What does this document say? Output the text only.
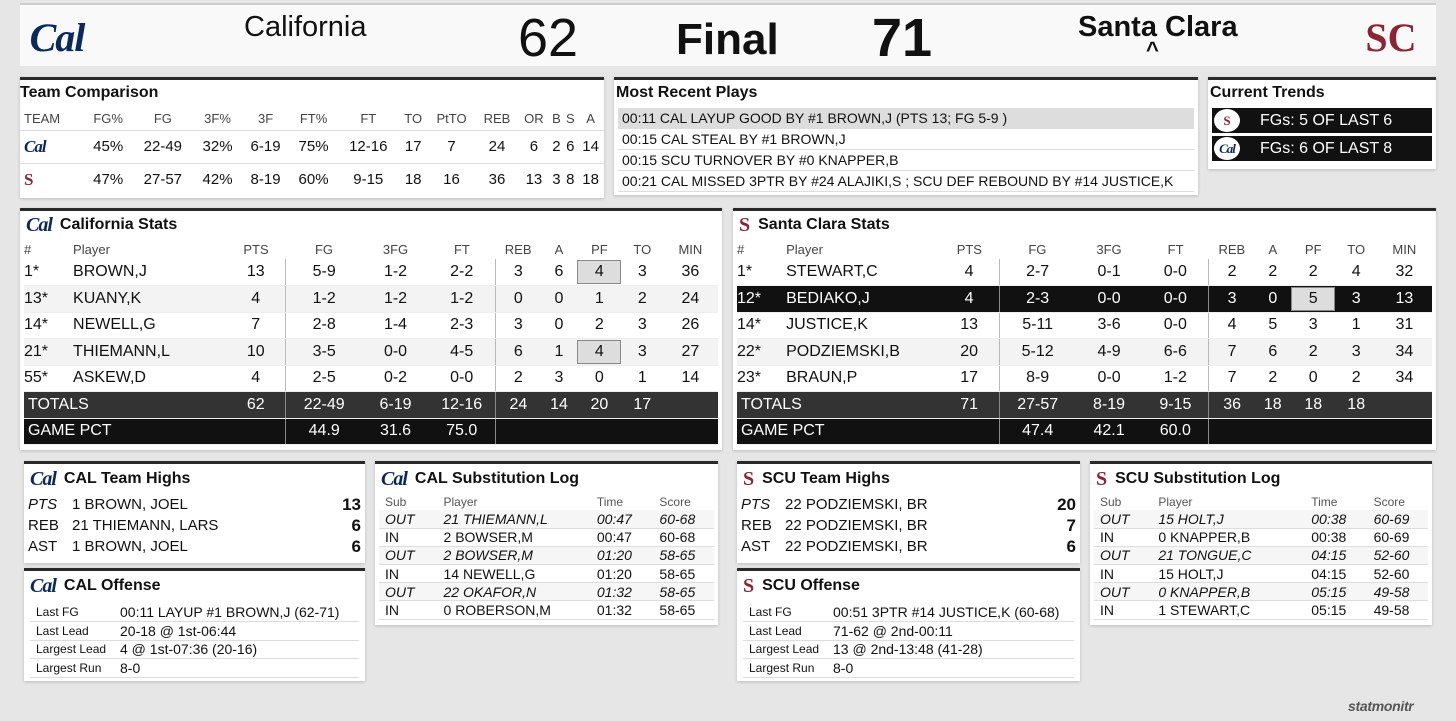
Cal	California	62 Final 71	Santa Clara
^	SC
Team Comparison
TEAM	FG%	FG	3F%	3F	FT%	FT	TO	PtTO	REB	OR	B	S	A
Cal	45%	22-49	32%	6-19	75%	12-16	17	7	24	6	2	6	14
S	47%	27-57	42%	8-19	60%	9-15	18	16	36	13	3	8	18
Most Recent Plays
00:11 CAL LAYUP GOOD BY #1 BROWN,J (PTS 13; FG 5-9 )
00:15 CAL STEAL BY #1 BROWN,J
00:15 SCU TURNOVER BY #0 KNAPPER,B
00:21 CAL MISSED 3PTR BY #24 ALAJIKI,S ; SCU DEF REBOUND BY #14 JUSTICE,K
Current Trends
S	FGs: 5 OF LAST 6
Cal	FGs: 6 OF LAST 8
Cal California Stats
#	Player	PTS	FG	3FG	FT	REB	A	PF	TO	MIN
1*	BROWN,J	13	5-9	1-2	2-2	3	6	4	3	36
13*	KUANY,K	4	1-2	1-2	1-2	0	0	1	2	24
14*	NEWELL,G	7	2-8	1-4	2-3	3	0	2	3	26
21*	THIEMANN,L	10	3-5	0-0	4-5	6	1	4	3	27
55*	ASKEW,D	4	2-5	0-2	0-0	2	3	0	1	14
TOTALS		62	22-49	6-19	12-16	24	14	20	17	
GAME PCT			44.9	31.6	75.0					
S Santa Clara Stats
#	Player	PTS	FG	3FG	FT	REB	A	PF	TO	MIN
1*	STEWART,C	4	2-7	0-1	0-0	2	2	2	4	32
12*	BEDIAKO,J	4	2-3	0-0	0-0	3	0	5	3	13
14*	JUSTICE,K	13	5-11	3-6	0-0	4	5	3	1	31
22*	PODZIEMSKI,B	20	5-12	4-9	6-6	7	6	2	3	34
23*	BRAUN,P	17	8-9	0-0	1-2	7	2	0	2	34
TOTALS		71	27-57	8-19	9-15	36	18	18	18	
GAME PCT			47.4	42.1	60.0					
Cal CAL Team Highs
PTS	1 BROWN, JOEL	13
REB	21 THIEMANN, LARS	6
AST	1 BROWN, JOEL	6
Cal CAL Substitution Log
Sub	Player	Time	Score
OUT	21 THIEMANN,L	00:47	60-68
IN	2 BOWSER,M	00:47	60-68
OUT	2 BOWSER,M	01:20	58-65
IN	14 NEWELL,G	01:20	58-65
OUT	22 OKAFOR,N	01:32	58-65
IN	0 ROBERSON,M	01:32	58-65
S SCU Team Highs
PTS	22 PODZIEMSKI, BR	20
REB	22 PODZIEMSKI, BR	7
AST	22 PODZIEMSKI, BR	6
S SCU Substitution Log
Sub	Player	Time	Score
OUT	15 HOLT,J	00:38	60-69
IN	0 KNAPPER,B	00:38	60-69
OUT	21 TONGUE,C	04:15	52-60
IN	15 HOLT,J	04:15	52-60
OUT	0 KNAPPER,B	05:15	49-58
IN	1 STEWART,C	05:15	49-58
Cal CAL Offense
Last FG	00:11 LAYUP #1 BROWN,J (62-71)
Last Lead	20-18 @ 1st-06:44
Largest Lead	4 @ 1st-07:36 (20-16)
Largest Run	8-0
S SCU Offense
Last FG	00:51 3PTR #14 JUSTICE,K (60-68)
Last Lead	71-62 @ 2nd-00:11
Largest Lead	13 @ 2nd-13:48 (41-28)
Largest Run	8-0
statmonitr
